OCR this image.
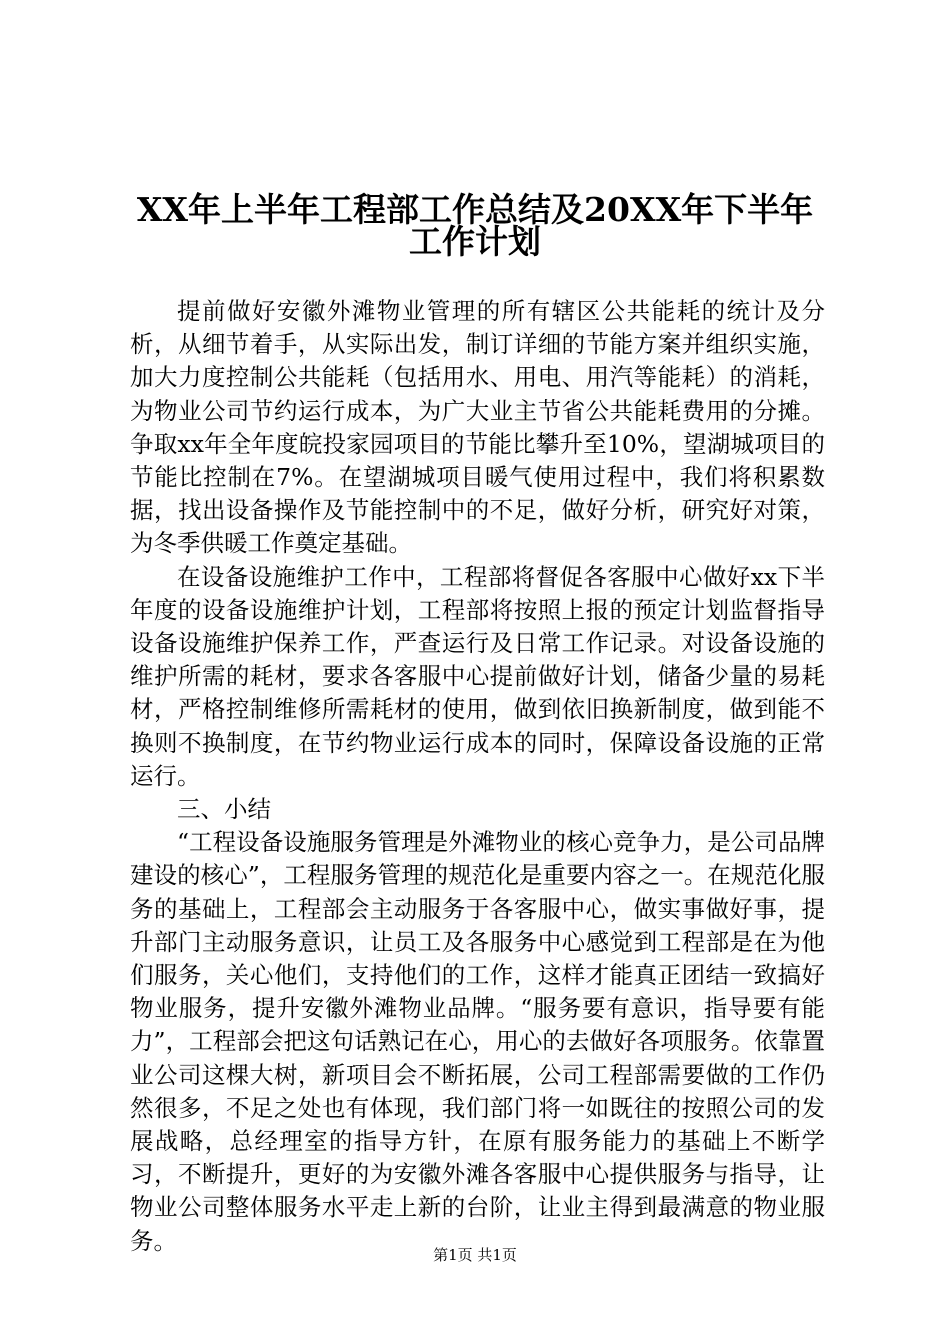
XX年上半年工程部工作总结及20XX年下半年
工作计划

提前做好安徽外滩物业管理的所有辖区公共能耗的统计及分析，从细节着手，从实际出发，制订详细的节能方案并组织实施，加大力度控制公共能耗（包括用水、用电、用汽等能耗）的消耗，为物业公司节约运行成本，为广大业主节省公共能耗费用的分摊。争取xx年全年度皖投家园项目的节能比攀升至10%，望湖城项目的节能比控制在7%。在望湖城项目暖气使用过程中，我们将积累数据，找出设备操作及节能控制中的不足，做好分析，研究好对策，为冬季供暖工作奠定基础。

在设备设施维护工作中，工程部将督促各客服中心做好xx下半年度的设备设施维护计划，工程部将按照上报的预定计划监督指导设备设施维护保养工作，严查运行及日常工作记录。对设备设施的维护所需的耗材，要求各客服中心提前做好计划，储备少量的易耗材，严格控制维修所需耗材的使用，做到依旧换新制度，做到能不换则不换制度，在节约物业运行成本的同时，保障设备设施的正常运行。

三、小结

“工程设备设施服务管理是外滩物业的核心竞争力，是公司品牌建设的核心”，工程服务管理的规范化是重要内容之一。在规范化服务的基础上，工程部会主动服务于各客服中心，做实事做好事，提升部门主动服务意识，让员工及各服务中心感觉到工程部是在为他们服务，关心他们，支持他们的工作，这样才能真正团结一致搞好物业服务，提升安徽外滩物业品牌。“服务要有意识，指导要有能力”，工程部会把这句话熟记在心，用心的去做好各项服务。依靠置业公司这棵大树，新项目会不断拓展，公司工程部需要做的工作仍然很多，不足之处也有体现，我们部门将一如既往的按照公司的发展战略，总经理室的指导方针，在原有服务能力的基础上不断学习，不断提升，更好的为安徽外滩各客服中心提供服务与指导，让物业公司整体服务水平走上新的台阶，让业主得到最满意的物业服务。

第1页 共1页
